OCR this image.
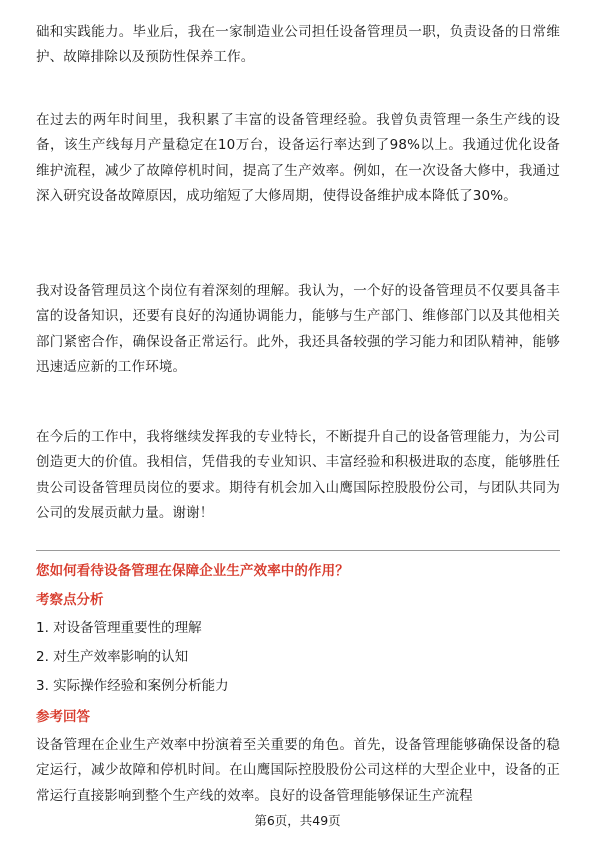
础和实践能力。毕业后，我在一家制造业公司担任设备管理员一职，负责设备的日常维护、故障排除以及预防性保养工作。

在过去的两年时间里，我积累了丰富的设备管理经验。我曾负责管理一条生产线的设备，该生产线每月产量稳定在10万台，设备运行率达到了98%以上。我通过优化设备维护流程，减少了故障停机时间，提高了生产效率。例如，在一次设备大修中，我通过深入研究设备故障原因，成功缩短了大修周期，使得设备维护成本降低了30%。

我对设备管理员这个岗位有着深刻的理解。我认为，一个好的设备管理员不仅要具备丰富的设备知识，还要有良好的沟通协调能力，能够与生产部门、维修部门以及其他相关部门紧密合作，确保设备正常运行。此外，我还具备较强的学习能力和团队精神，能够迅速适应新的工作环境。

在今后的工作中，我将继续发挥我的专业特长，不断提升自己的设备管理能力，为公司创造更大的价值。我相信，凭借我的专业知识、丰富经验和积极进取的态度，能够胜任贵公司设备管理员岗位的要求。期待有机会加入山鹰国际控股股份公司，与团队共同为公司的发展贡献力量。谢谢！

您如何看待设备管理在保障企业生产效率中的作用？

考察点分析

1. 对设备管理重要性的理解
2. 对生产效率影响的认知
3. 实际操作经验和案例分析能力

参考回答

设备管理在企业生产效率中扮演着至关重要的角色。首先，设备管理能够确保设备的稳定运行，减少故障和停机时间。在山鹰国际控股股份公司这样的大型企业中，设备的正常运行直接影响到整个生产线的效率。良好的设备管理能够保证生产流程

第6页，共49页
